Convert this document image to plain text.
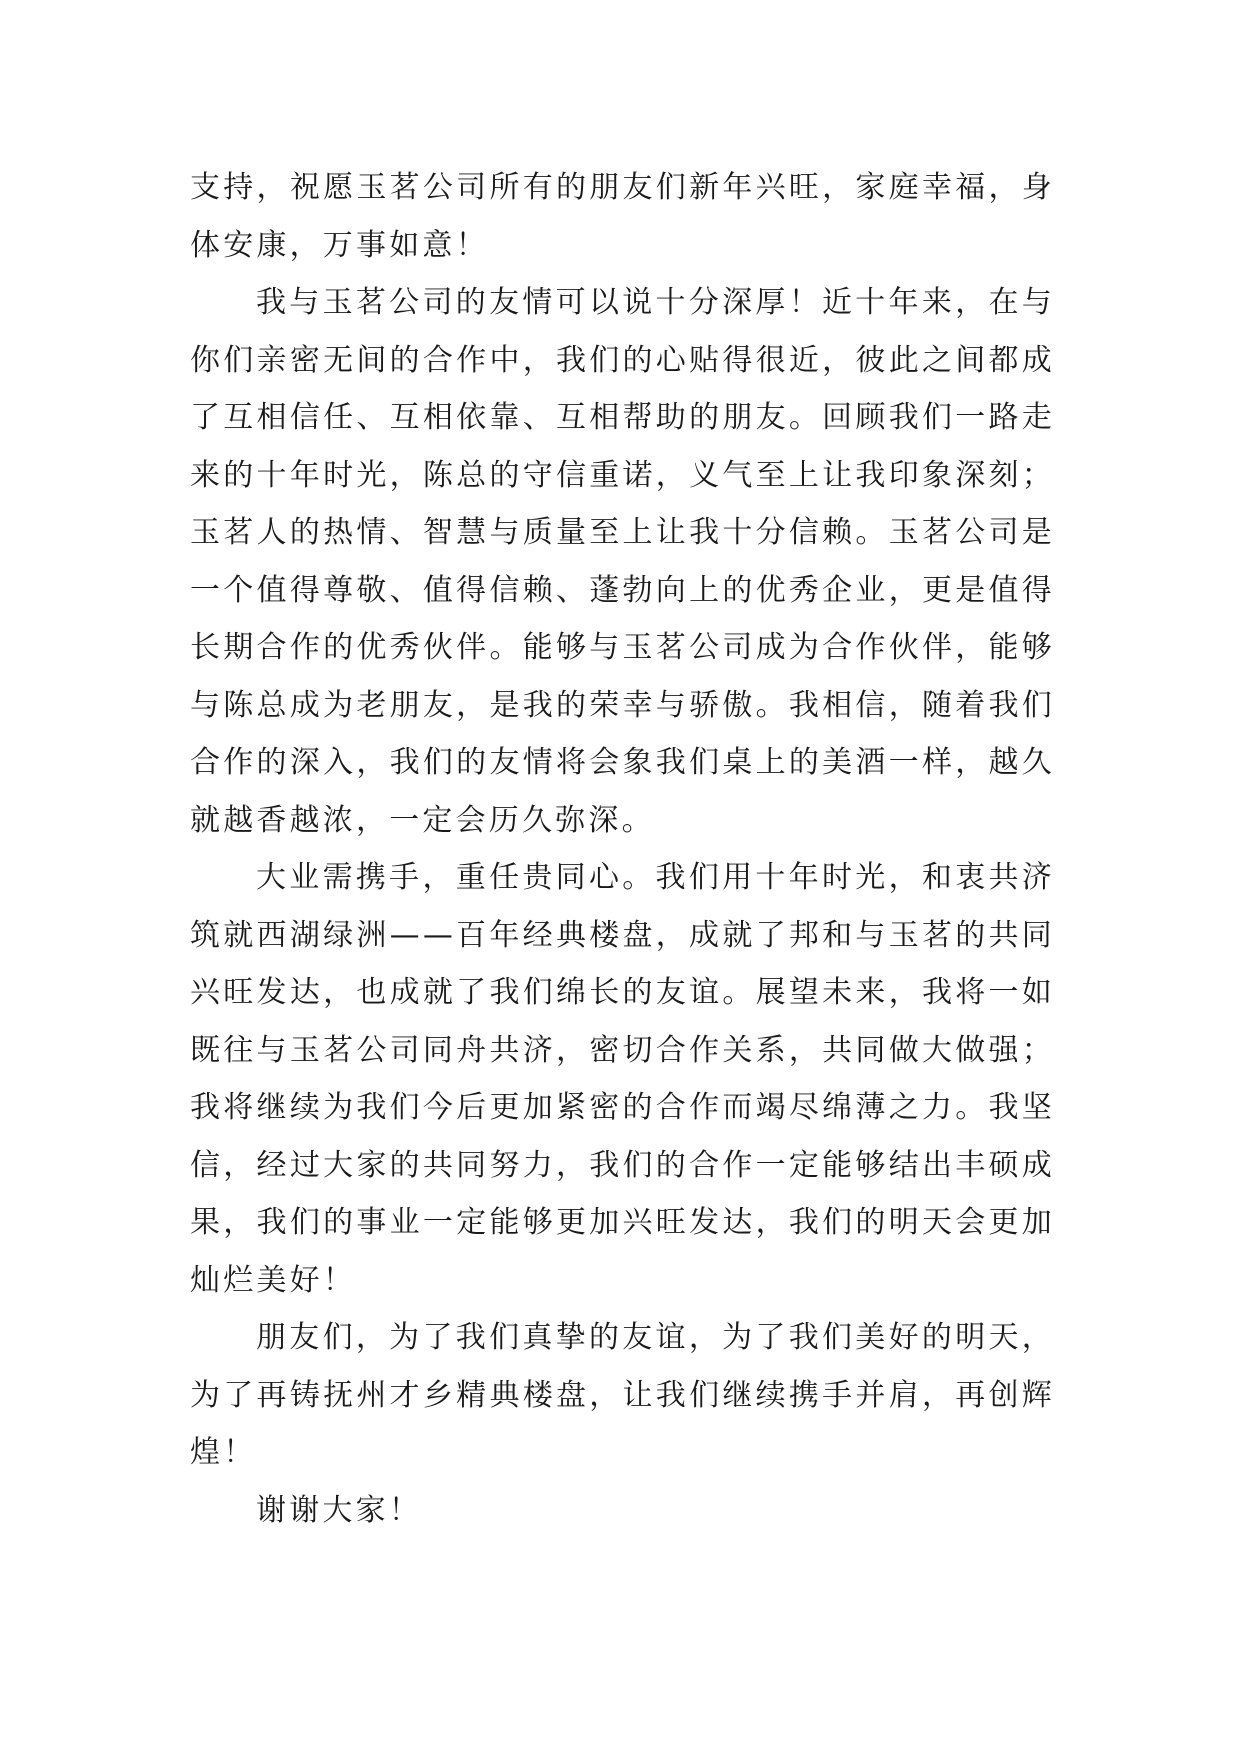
支持，祝愿玉茗公司所有的朋友们新年兴旺，家庭幸福，身体安康，万事如意！

我与玉茗公司的友情可以说十分深厚！近十年来，在与你们亲密无间的合作中，我们的心贴得很近，彼此之间都成了互相信任、互相依靠、互相帮助的朋友。回顾我们一路走来的十年时光，陈总的守信重诺，义气至上让我印象深刻；玉茗人的热情、智慧与质量至上让我十分信赖。玉茗公司是一个值得尊敬、值得信赖、蓬勃向上的优秀企业，更是值得长期合作的优秀伙伴。能够与玉茗公司成为合作伙伴，能够与陈总成为老朋友，是我的荣幸与骄傲。我相信，随着我们合作的深入，我们的友情将会象我们桌上的美酒一样，越久就越香越浓，一定会历久弥深。

大业需携手，重任贵同心。我们用十年时光，和衷共济筑就西湖绿洲——百年经典楼盘，成就了邦和与玉茗的共同兴旺发达，也成就了我们绵长的友谊。展望未来，我将一如既往与玉茗公司同舟共济，密切合作关系，共同做大做强；我将继续为我们今后更加紧密的合作而竭尽绵薄之力。我坚信，经过大家的共同努力，我们的合作一定能够结出丰硕成果，我们的事业一定能够更加兴旺发达，我们的明天会更加灿烂美好！

朋友们，为了我们真挚的友谊，为了我们美好的明天，为了再铸抚州才乡精典楼盘，让我们继续携手并肩，再创辉煌！

谢谢大家！
